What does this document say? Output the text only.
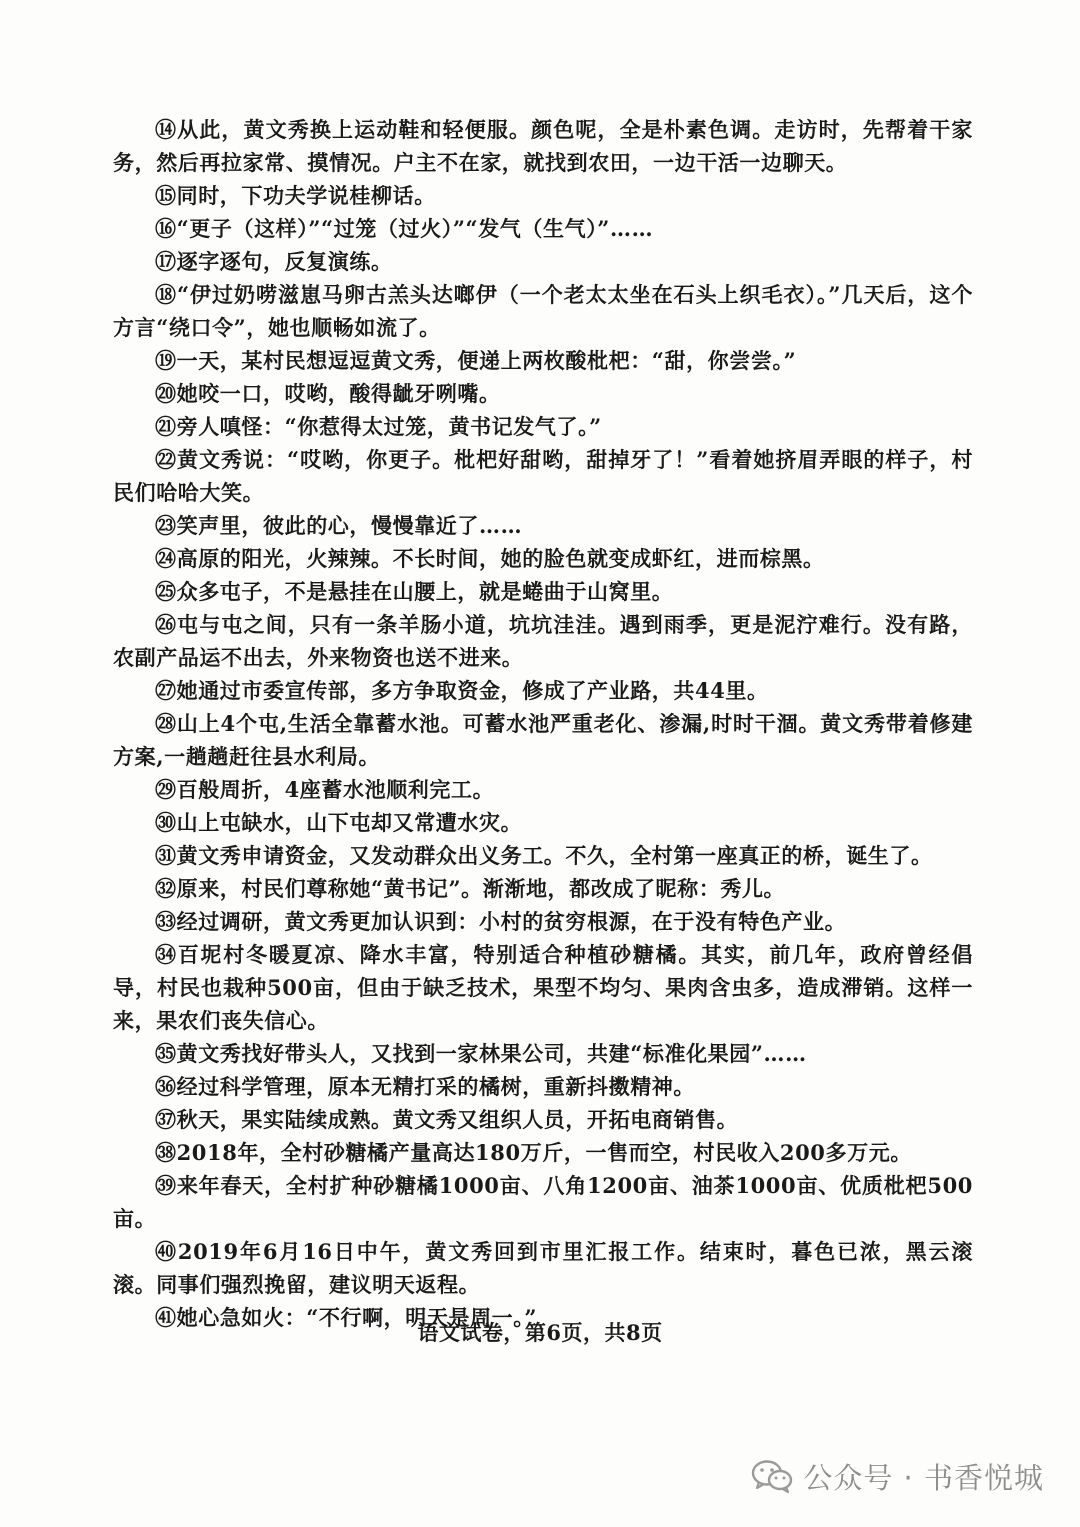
⑭从此，黄文秀换上运动鞋和轻便服。颜色呢，全是朴素色调。走访时，先帮着干家务，然后再拉家常、摸情况。户主不在家，就找到农田，一边干活一边聊天。

⑮同时，下功夫学说桂柳话。

⑯“更子（这样）”“过笼（过火）”“发气（生气）”……

⑰逐字逐句，反复演练。

⑱“伊过奶唠滋崽马卵古羔头达啷伊（一个老太太坐在石头上织毛衣）。”几天后，这个方言“绕口令”，她也顺畅如流了。

⑲一天，某村民想逗逗黄文秀，便递上两枚酸枇杷：“甜，你尝尝。”

⑳她咬一口，哎哟，酸得龇牙咧嘴。

㉑旁人嗔怪：“你惹得太过笼，黄书记发气了。”

㉒黄文秀说：“哎哟，你更子。枇杷好甜哟，甜掉牙了！”看着她挤眉弄眼的样子，村民们哈哈大笑。

㉓笑声里，彼此的心，慢慢靠近了……

㉔高原的阳光，火辣辣。不长时间，她的脸色就变成虾红，进而棕黑。

㉕众多屯子，不是悬挂在山腰上，就是蜷曲于山窝里。

㉖屯与屯之间，只有一条羊肠小道，坑坑洼洼。遇到雨季，更是泥泞难行。没有路，农副产品运不出去，外来物资也送不进来。

㉗她通过市委宣传部，多方争取资金，修成了产业路，共44里。

㉘山上4个屯,生活全靠蓄水池。可蓄水池严重老化、渗漏,时时干涸。黄文秀带着修建方案,一趟趟赶往县水利局。

㉙百般周折，4座蓄水池顺利完工。

㉚山上屯缺水，山下屯却又常遭水灾。

㉛黄文秀申请资金，又发动群众出义务工。不久，全村第一座真正的桥，诞生了。

㉜原来，村民们尊称她“黄书记”。渐渐地，都改成了昵称：秀儿。

㉝经过调研，黄文秀更加认识到：小村的贫穷根源，在于没有特色产业。

㉞百坭村冬暖夏凉、降水丰富，特别适合种植砂糖橘。其实，前几年，政府曾经倡导，村民也栽种500亩，但由于缺乏技术，果型不均匀、果肉含虫多，造成滞销。这样一来，果农们丧失信心。

㉟黄文秀找好带头人，又找到一家林果公司，共建“标准化果园”……

㊱经过科学管理，原本无精打采的橘树，重新抖擞精神。

㊲秋天，果实陆续成熟。黄文秀又组织人员，开拓电商销售。

㊳2018年，全村砂糖橘产量高达180万斤，一售而空，村民收入200多万元。

㊴来年春天，全村扩种砂糖橘1000亩、八角1200亩、油茶1000亩、优质枇杷500亩。

㊵2019年6月16日中午，黄文秀回到市里汇报工作。结束时，暮色已浓，黑云滚滚。同事们强烈挽留，建议明天返程。

㊶她心急如火：“不行啊，明天是周一。”

语文试卷，第6页，共8页
公众号 · 书香悦城
